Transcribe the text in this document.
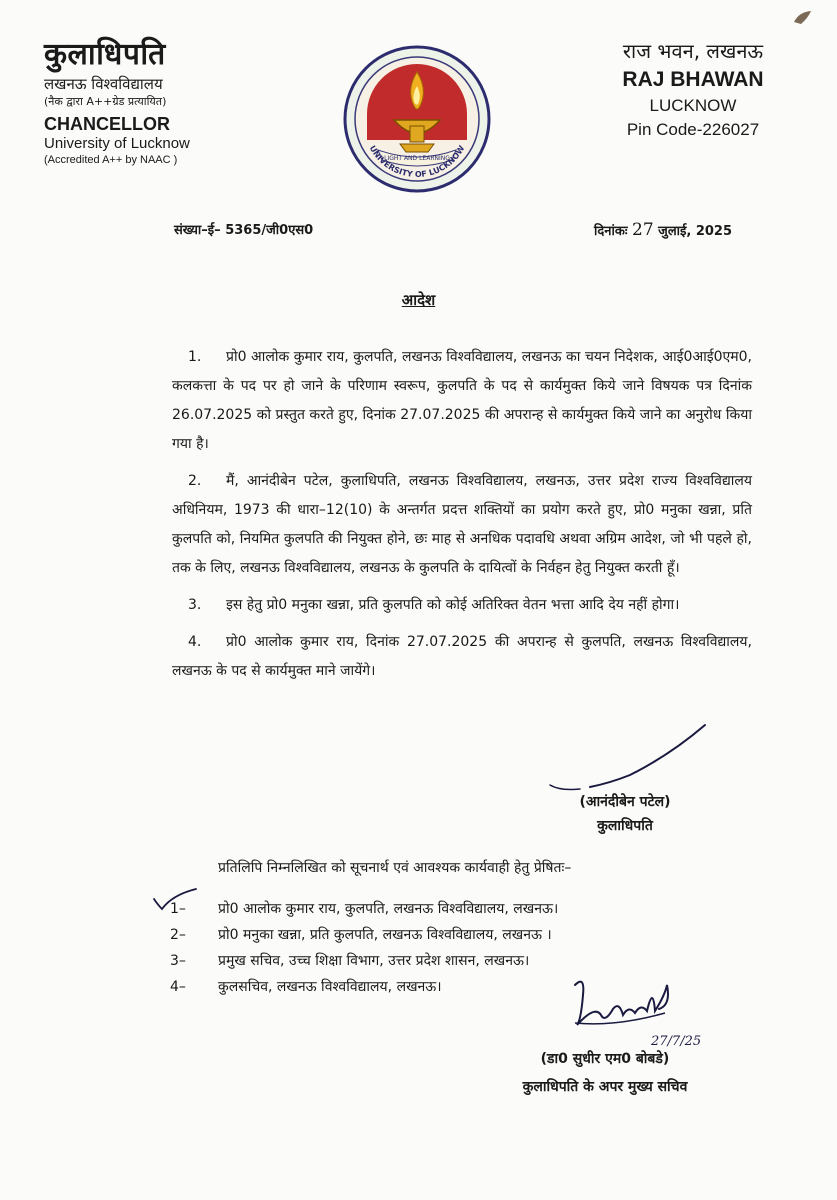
कुलाधिपति
लखनऊ विश्वविद्यालय
(नैक द्वारा A++ग्रेड प्रत्यायित)
CHANCELLOR
University of Lucknow
(Accredited A++ by NAAC )	LIGHT AND LEARNING
UNIVERSITY OF LUCKNOW
राज भवन, लखनऊ
RAJ BHAWAN
LUCKNOW
Pin Code-226027
संख्या–ई– 5365/जी0एस0	दिनांकः 27 जुलाई, 2025
आदेश

1. प्रो0 आलोक कुमार राय, कुलपति, लखनऊ विश्वविद्यालय, लखनऊ का चयन निदेशक, आई0आई0एम0, कलकत्ता के पद पर हो जाने के परिणाम स्वरूप, कुलपति के पद से कार्यमुक्त किये जाने विषयक पत्र दिनांक 26.07.2025 को प्रस्तुत करते हुए, दिनांक 27.07.2025 की अपरान्ह से कार्यमुक्त किये जाने का अनुरोध किया गया है।

2. मैं, आनंदीबेन पटेल, कुलाधिपति, लखनऊ विश्वविद्यालय, लखनऊ, उत्तर प्रदेश राज्य विश्वविद्यालय अधिनियम, 1973 की धारा–12(10) के अन्तर्गत प्रदत्त शक्तियों का प्रयोग करते हुए, प्रो0 मनुका खन्ना, प्रति कुलपति को, नियमित कुलपति की नियुक्त होने, छः माह से अनधिक पदावधि अथवा अग्रिम आदेश, जो भी पहले हो, तक के लिए, लखनऊ विश्वविद्यालय, लखनऊ के कुलपति के दायित्वों के निर्वहन हेतु नियुक्त करती हूँ।

3. इस हेतु प्रो0 मनुका खन्ना, प्रति कुलपति को कोई अतिरिक्त वेतन भत्ता आदि देय नहीं होगा।

4. प्रो0 आलोक कुमार राय, दिनांक 27.07.2025 की अपरान्ह से कुलपति, लखनऊ विश्वविद्यालय, लखनऊ के पद से कार्यमुक्त माने जायेंगे।

(आनंदीबेन पटेल)
कुलाधिपति
प्रतिलिपि निम्नलिखित को सूचनार्थ एवं आवश्यक कार्यवाही हेतु प्रेषितः–
1– प्रो0 आलोक कुमार राय, कुलपति, लखनऊ विश्वविद्यालय, लखनऊ।
2– प्रो0 मनुका खन्ना, प्रति कुलपति, लखनऊ विश्वविद्यालय, लखनऊ ।
3– प्रमुख सचिव, उच्च शिक्षा विभाग, उत्तर प्रदेश शासन, लखनऊ।
4– कुलसचिव, लखनऊ विश्वविद्यालय, लखनऊ।
27/7/25
(डा0 सुधीर एम0 बोबडे)
कुलाधिपति के अपर मुख्य सचिव
